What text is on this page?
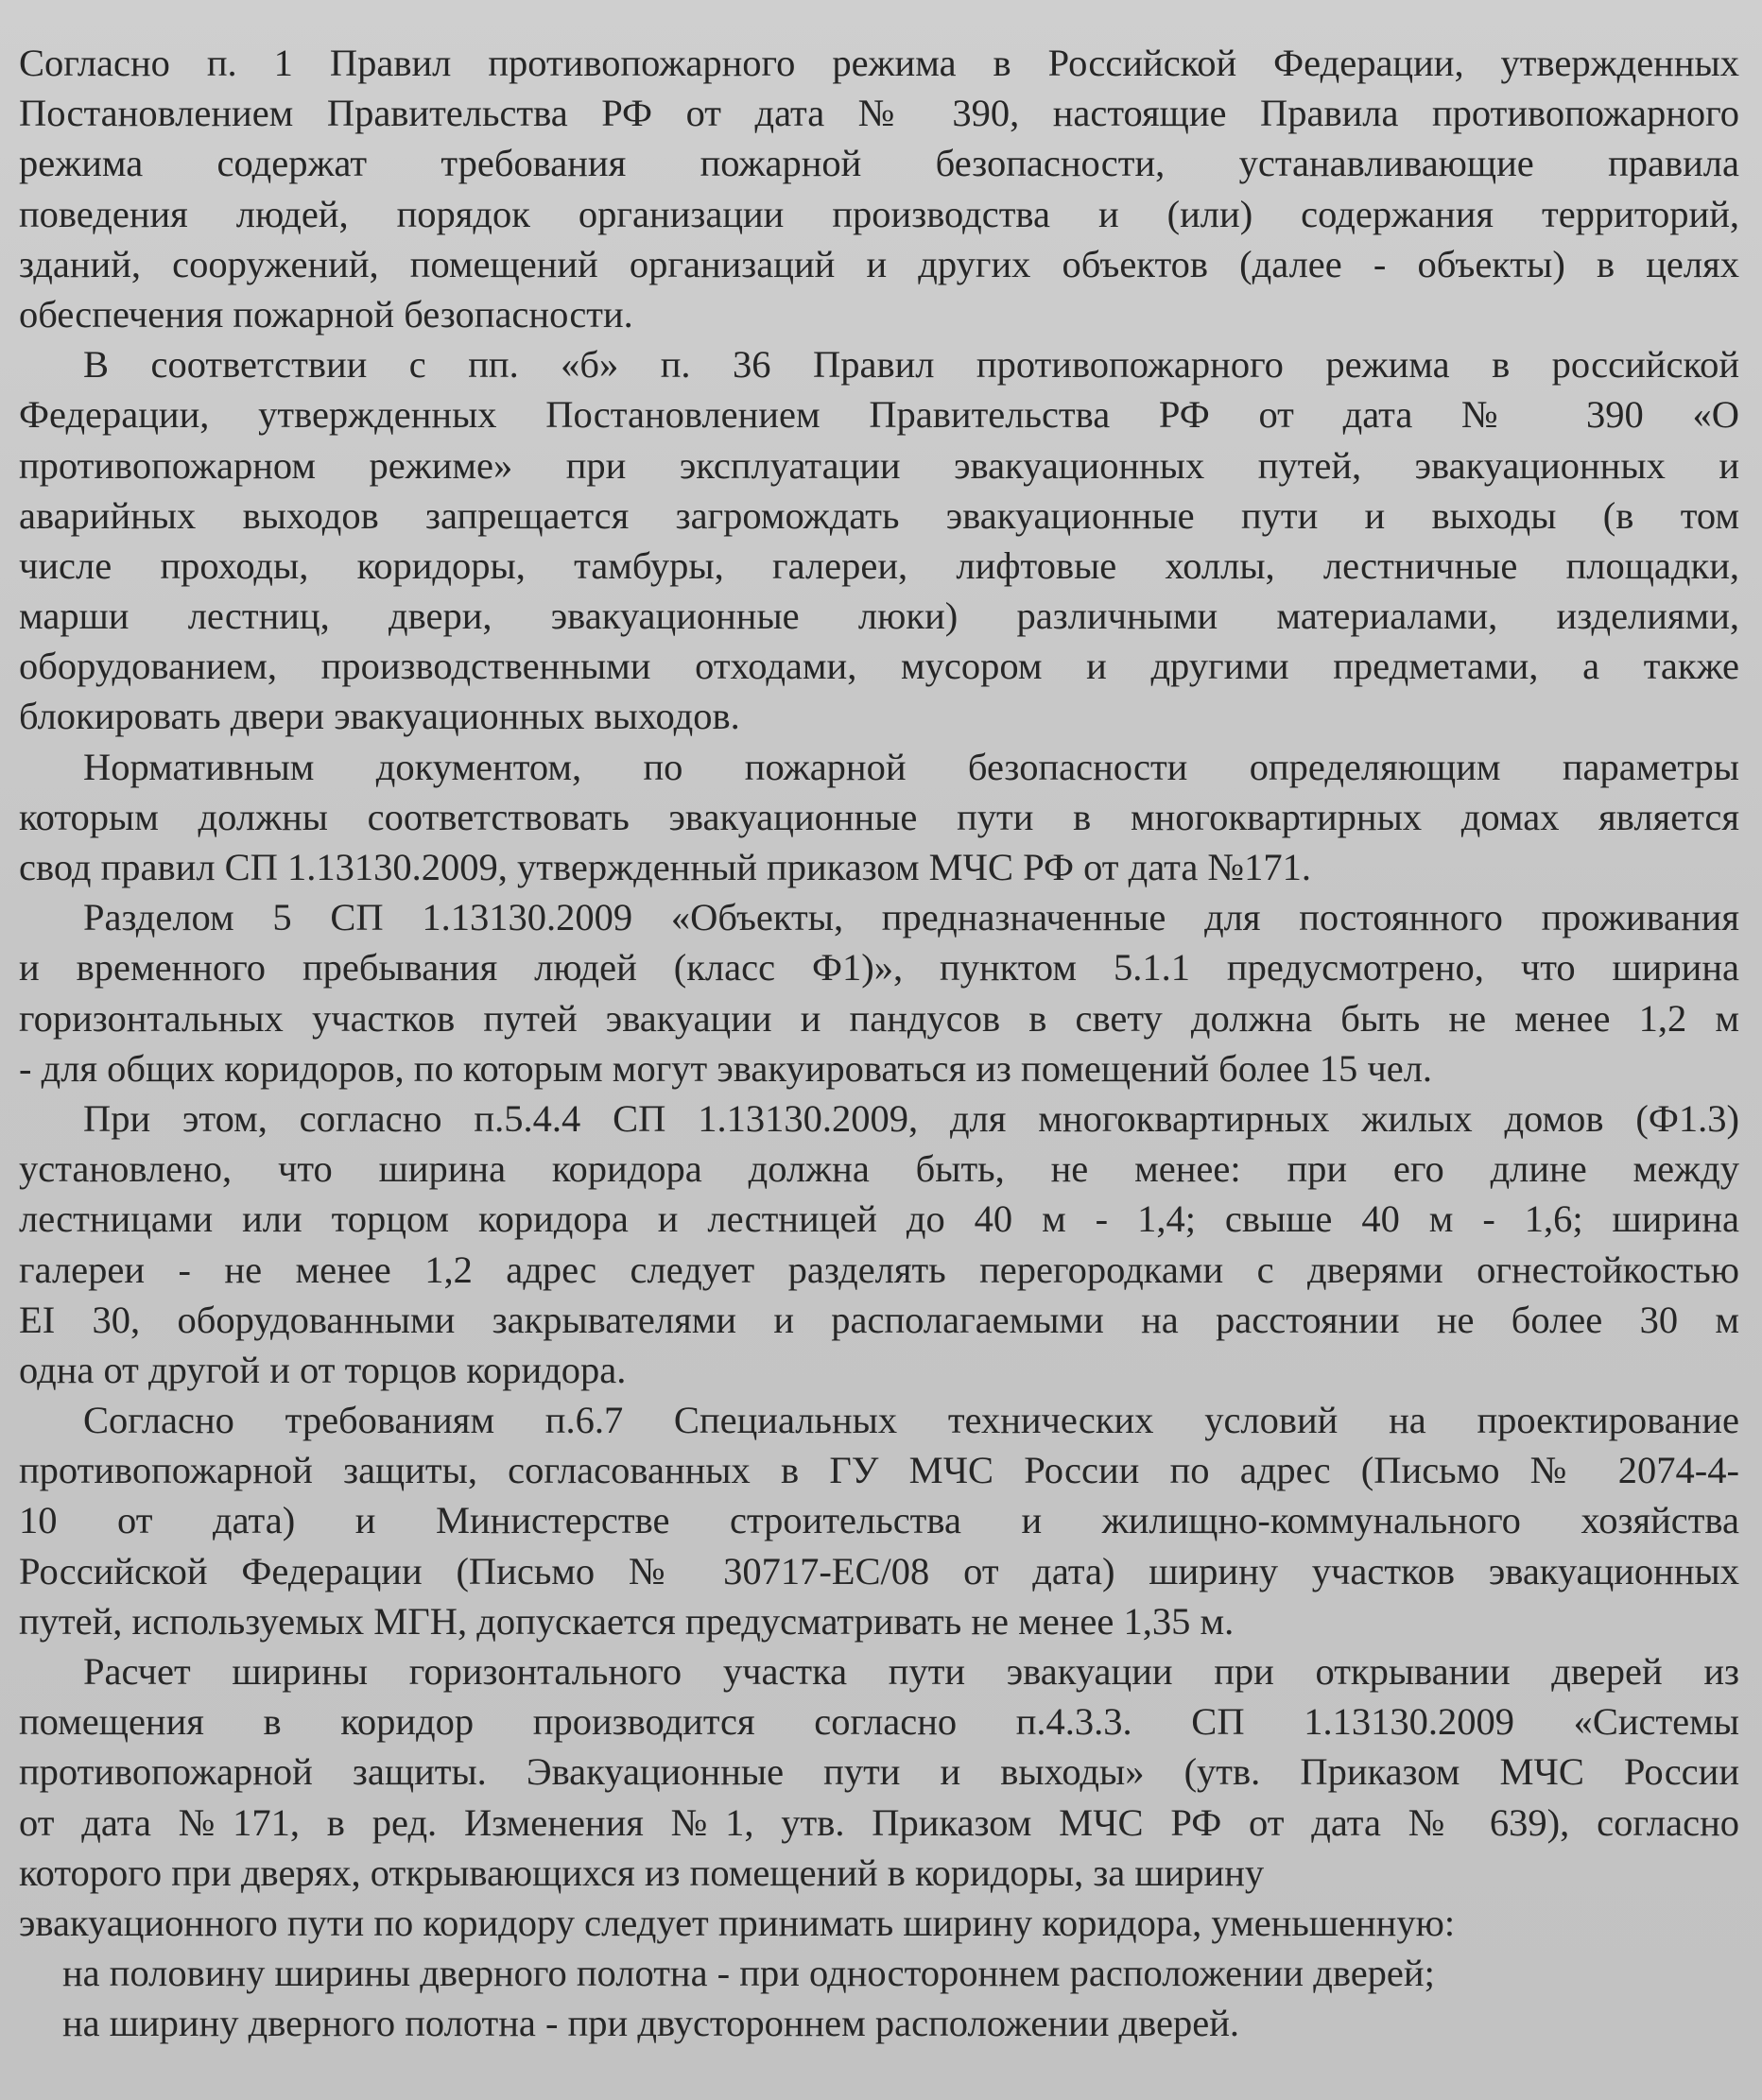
Согласно п. 1 Правил противопожарного режима в Российской Федерации, утвержденных
Постановлением Правительства РФ от дата № 390, настоящие Правила противопожарного
режима содержат требования пожарной безопасности, устанавливающие правила
поведения людей, порядок организации производства и (или) содержания территорий,
зданий, сооружений, помещений организаций и других объектов (далее - объекты) в целях
обеспечения пожарной безопасности.
В соответствии с пп. «б» п. 36 Правил противопожарного режима в российской
Федерации, утвержденных Постановлением Правительства РФ от дата № 390 «О
противопожарном режиме» при эксплуатации эвакуационных путей, эвакуационных и
аварийных выходов запрещается загромождать эвакуационные пути и выходы (в том
числе проходы, коридоры, тамбуры, галереи, лифтовые холлы, лестничные площадки,
марши лестниц, двери, эвакуационные люки) различными материалами, изделиями,
оборудованием, производственными отходами, мусором и другими предметами, а также
блокировать двери эвакуационных выходов.
Нормативным документом, по пожарной безопасности определяющим параметры
которым должны соответствовать эвакуационные пути в многоквартирных домах является
свод правил СП 1.13130.2009, утвержденный приказом МЧС РФ от дата №171.
Разделом 5 СП 1.13130.2009 «Объекты, предназначенные для постоянного проживания
и временного пребывания людей (класс Ф1)», пунктом 5.1.1 предусмотрено, что ширина
горизонтальных участков путей эвакуации и пандусов в свету должна быть не менее 1,2 м
- для общих коридоров, по которым могут эвакуироваться из помещений более 15 чел.
При этом, согласно п.5.4.4 СП 1.13130.2009, для многоквартирных жилых домов (Ф1.3)
установлено, что ширина коридора должна быть, не менее: при его длине между
лестницами или торцом коридора и лестницей до 40 м - 1,4; свыше 40 м - 1,6; ширина
галереи - не менее 1,2 адрес следует разделять перегородками с дверями огнестойкостью
EI 30, оборудованными закрывателями и располагаемыми на расстоянии не более 30 м
одна от другой и от торцов коридора.
Согласно требованиям п.6.7 Специальных технических условий на проектирование
противопожарной защиты, согласованных в ГУ МЧС России по адрес (Письмо № 2074-4-
10 от дата) и Министерстве строительства и жилищно-коммунального хозяйства
Российской Федерации (Письмо № 30717-ЕС/08 от дата) ширину участков эвакуационных
путей, используемых МГН, допускается предусматривать не менее 1,35 м.
Расчет ширины горизонтального участка пути эвакуации при открывании дверей из
помещения в коридор производится согласно п.4.3.3. СП 1.13130.2009 «Системы
противопожарной защиты. Эвакуационные пути и выходы» (утв. Приказом МЧС России
от дата №171, в ред. Изменения №1, утв. Приказом МЧС РФ от дата № 639), согласно
которого при дверях, открывающихся из помещений в коридоры, за ширину
эвакуационного пути по коридору следует принимать ширину коридора, уменьшенную:
на половину ширины дверного полотна - при одностороннем расположении дверей;
на ширину дверного полотна - при двустороннем расположении дверей.
